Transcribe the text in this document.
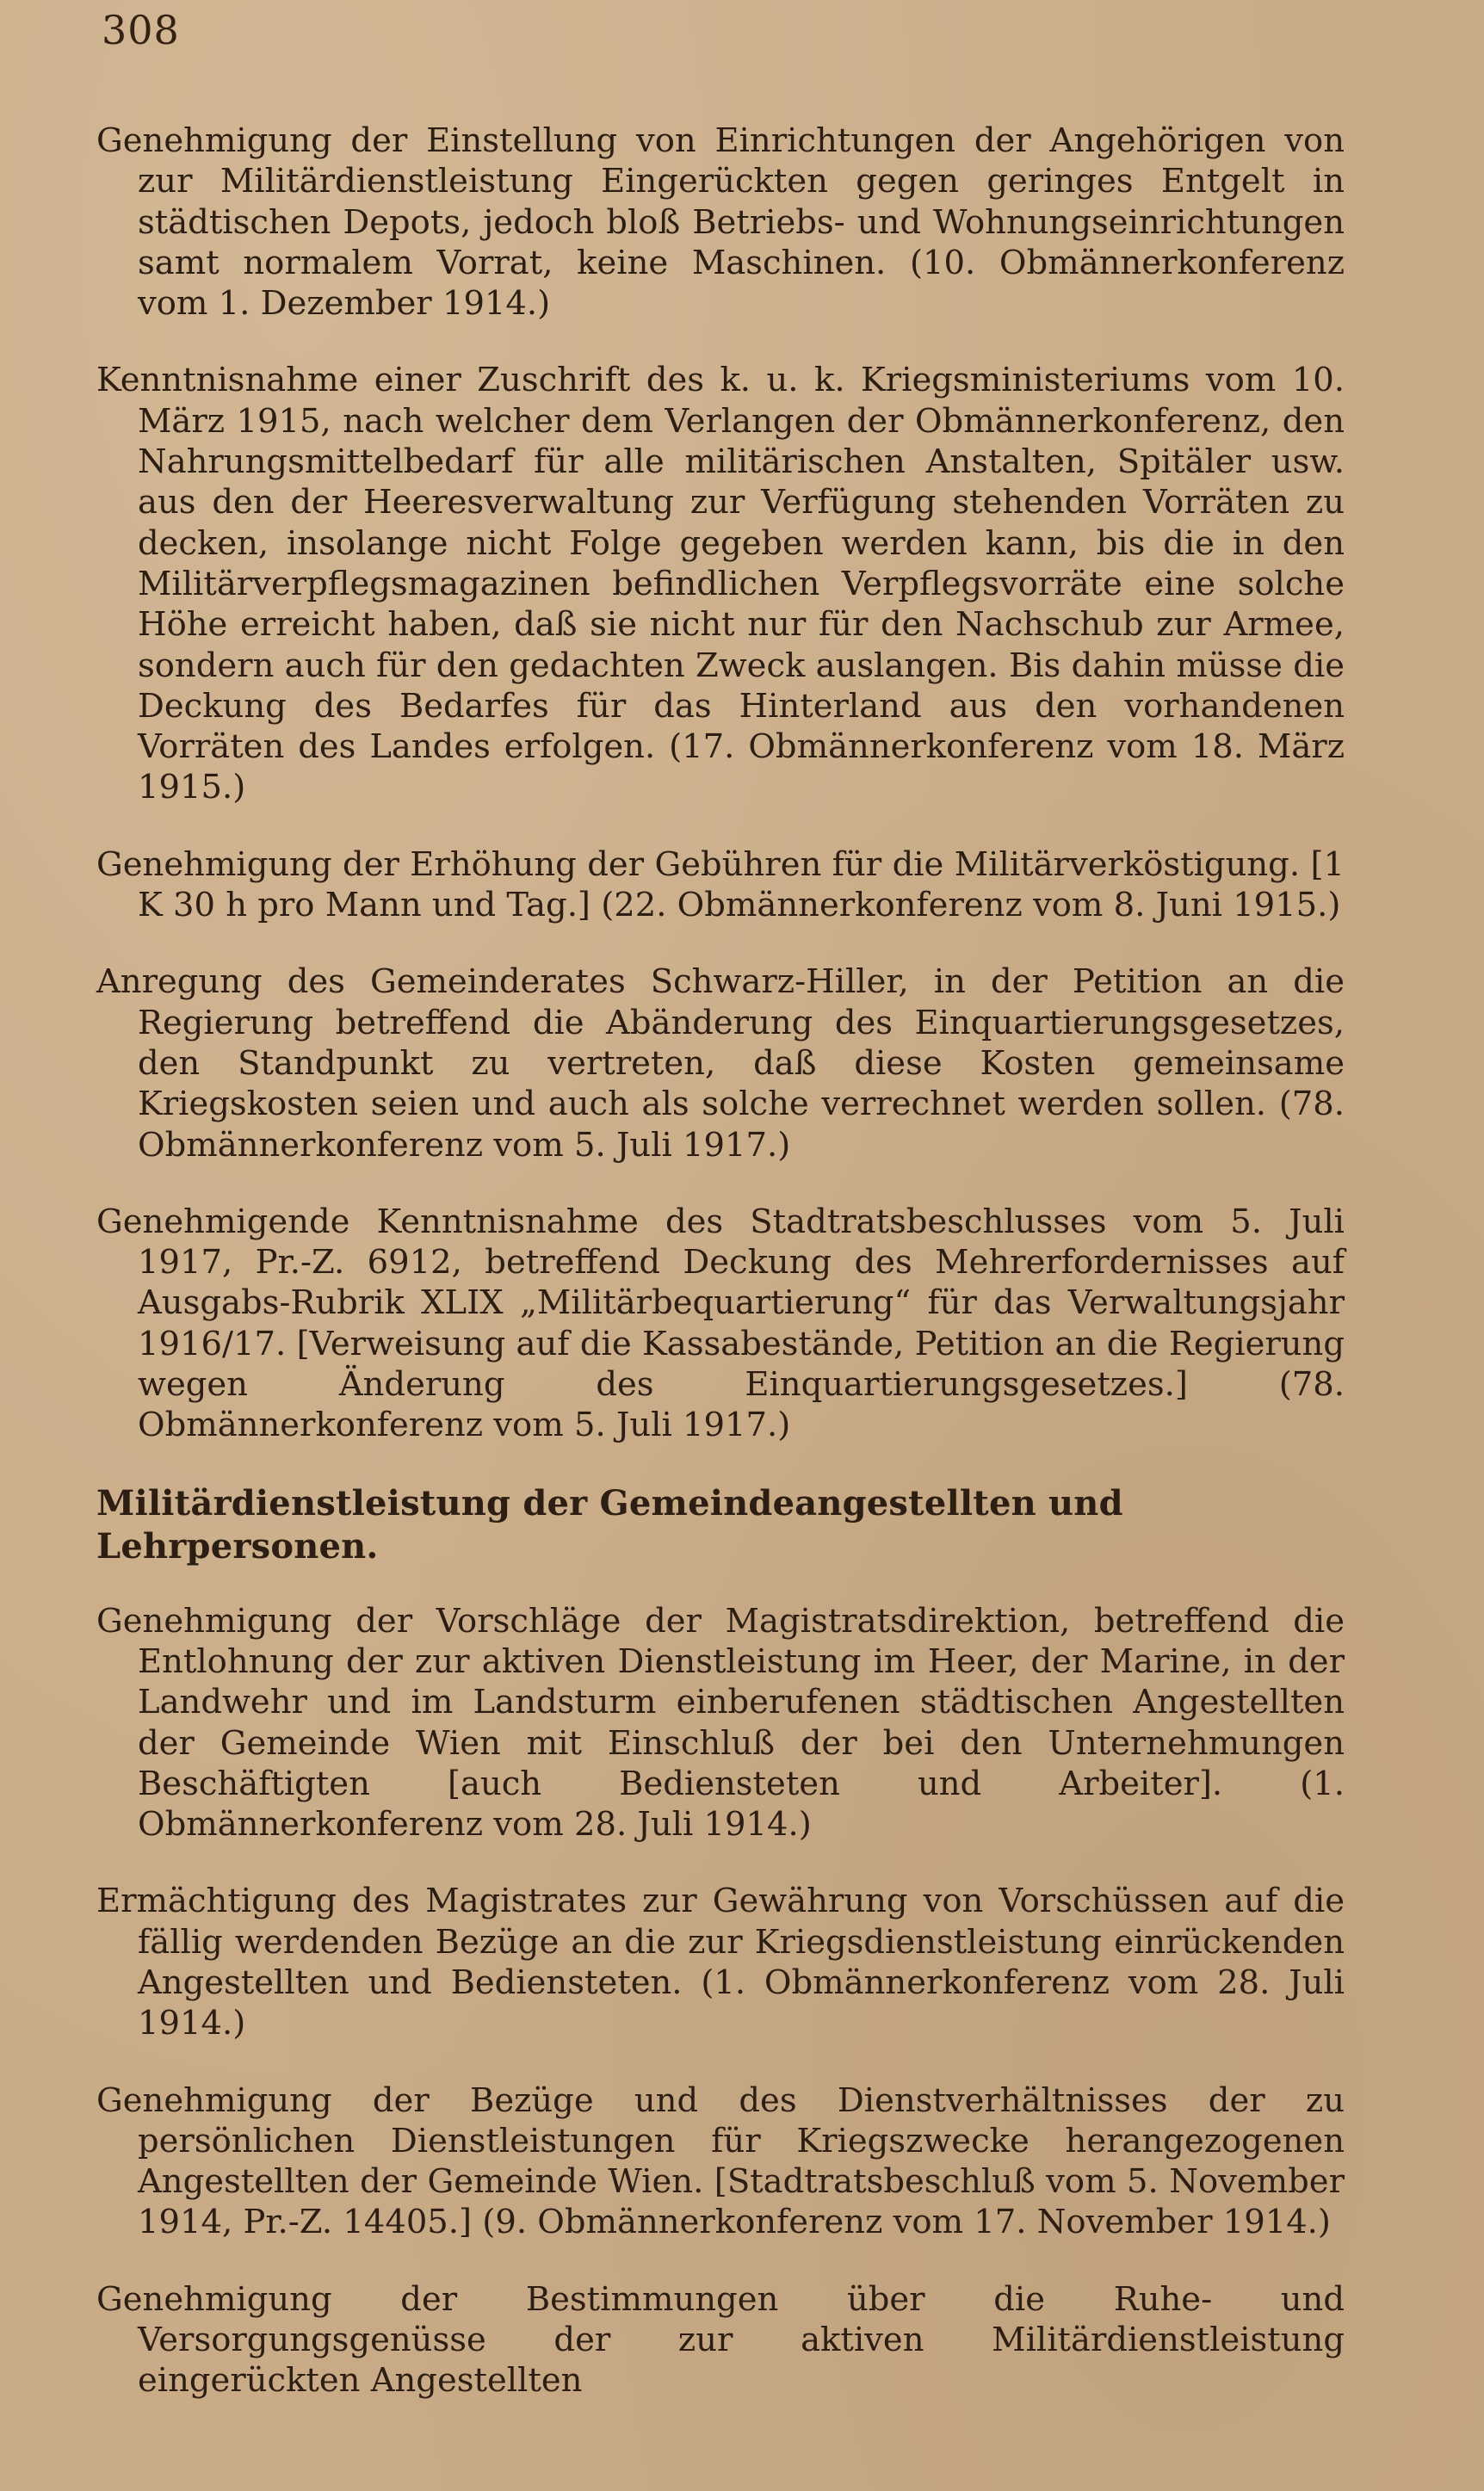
308

Genehmigung der Einstellung von Einrichtungen der Angehörigen von zur Militärdienstleistung Eingerückten gegen geringes Entgelt in städtischen Depots, jedoch bloß Betriebs- und Wohnungseinrichtungen samt normalem Vorrat, keine Maschinen. (10. Obmännerkonferenz vom 1. Dezember 1914.)

Kenntnisnahme einer Zuschrift des k. u. k. Kriegsministeriums vom 10. März 1915, nach welcher dem Verlangen der Obmännerkonferenz, den Nahrungsmittelbedarf für alle militärischen Anstalten, Spitäler usw. aus den der Heeresverwaltung zur Verfügung stehenden Vorräten zu decken, insolange nicht Folge gegeben werden kann, bis die in den Militärverpflegsmagazinen befindlichen Verpflegsvorräte eine solche Höhe erreicht haben, daß sie nicht nur für den Nachschub zur Armee, sondern auch für den gedachten Zweck auslangen. Bis dahin müsse die Deckung des Bedarfes für das Hinterland aus den vorhandenen Vorräten des Landes erfolgen. (17. Obmännerkonferenz vom 18. März 1915.)

Genehmigung der Erhöhung der Gebühren für die Militärverköstigung. [1 K 30 h pro Mann und Tag.] (22. Obmännerkonferenz vom 8. Juni 1915.)

Anregung des Gemeinderates Schwarz-Hiller, in der Petition an die Regierung betreffend die Abänderung des Einquartierungsgesetzes, den Standpunkt zu vertreten, daß diese Kosten gemeinsame Kriegskosten seien und auch als solche verrechnet werden sollen. (78. Obmännerkonferenz vom 5. Juli 1917.)

Genehmigende Kenntnisnahme des Stadtratsbeschlusses vom 5. Juli 1917, Pr.-Z. 6912, betreffend Deckung des Mehrerfordernisses auf Ausgabs-Rubrik XLIX „Militärbequartierung“ für das Verwaltungsjahr 1916/17. [Verweisung auf die Kassabestände, Petition an die Regierung wegen Änderung des Einquartierungsgesetzes.] (78. Obmännerkonferenz vom 5. Juli 1917.)

Militärdienstleistung der Gemeindeangestellten und Lehrpersonen.

Genehmigung der Vorschläge der Magistratsdirektion, betreffend die Entlohnung der zur aktiven Dienstleistung im Heer, der Marine, in der Landwehr und im Landsturm einberufenen städtischen Angestellten der Gemeinde Wien mit Einschluß der bei den Unternehmungen Beschäftigten [auch Bediensteten und Arbeiter]. (1. Obmännerkonferenz vom 28. Juli 1914.)

Ermächtigung des Magistrates zur Gewährung von Vorschüssen auf die fällig werdenden Bezüge an die zur Kriegsdienstleistung einrückenden Angestellten und Bediensteten. (1. Obmännerkonferenz vom 28. Juli 1914.)

Genehmigung der Bezüge und des Dienstverhältnisses der zu persönlichen Dienstleistungen für Kriegszwecke herangezogenen Angestellten der Gemeinde Wien. [Stadtratsbeschluß vom 5. November 1914, Pr.-Z. 14405.] (9. Obmännerkonferenz vom 17. November 1914.)

Genehmigung der Bestimmungen über die Ruhe- und Versorgungsgenüsse der zur aktiven Militärdienstleistung eingerückten Angestellten
